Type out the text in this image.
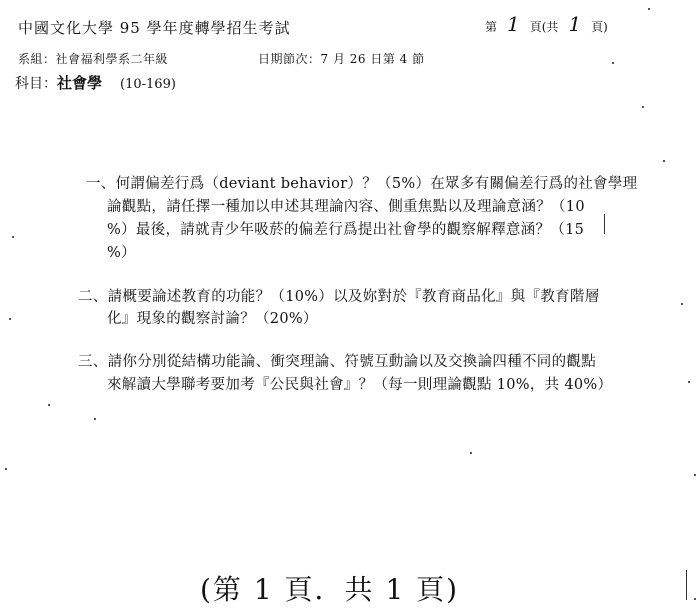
中國文化大學 95 學年度轉學招生考試	第 1 頁(共 1 頁)
系組：社會福利學系二年級	日期節次：7 月 26 日第 4 節
科目：社會學 (10-169)
一、何謂偏差行爲（deviant behavior）？（5%）在眾多有關偏差行爲的社會學理
論觀點，請任擇一種加以申述其理論內容、側重焦點以及理論意涵？（10
%）最後，請就青少年吸菸的偏差行爲提出社會學的觀察解釋意涵？（15
%）
二、請概要論述教育的功能？（10%）以及妳對於『教育商品化』與『教育階層
化』現象的觀察討論？（20%）
三、請你分別從結構功能論、衝突理論、符號互動論以及交換論四種不同的觀點
來解讀大學聯考要加考『公民與社會』？（每一則理論觀點 10%，共 40%）
(第 1 頁．共 1 頁)
